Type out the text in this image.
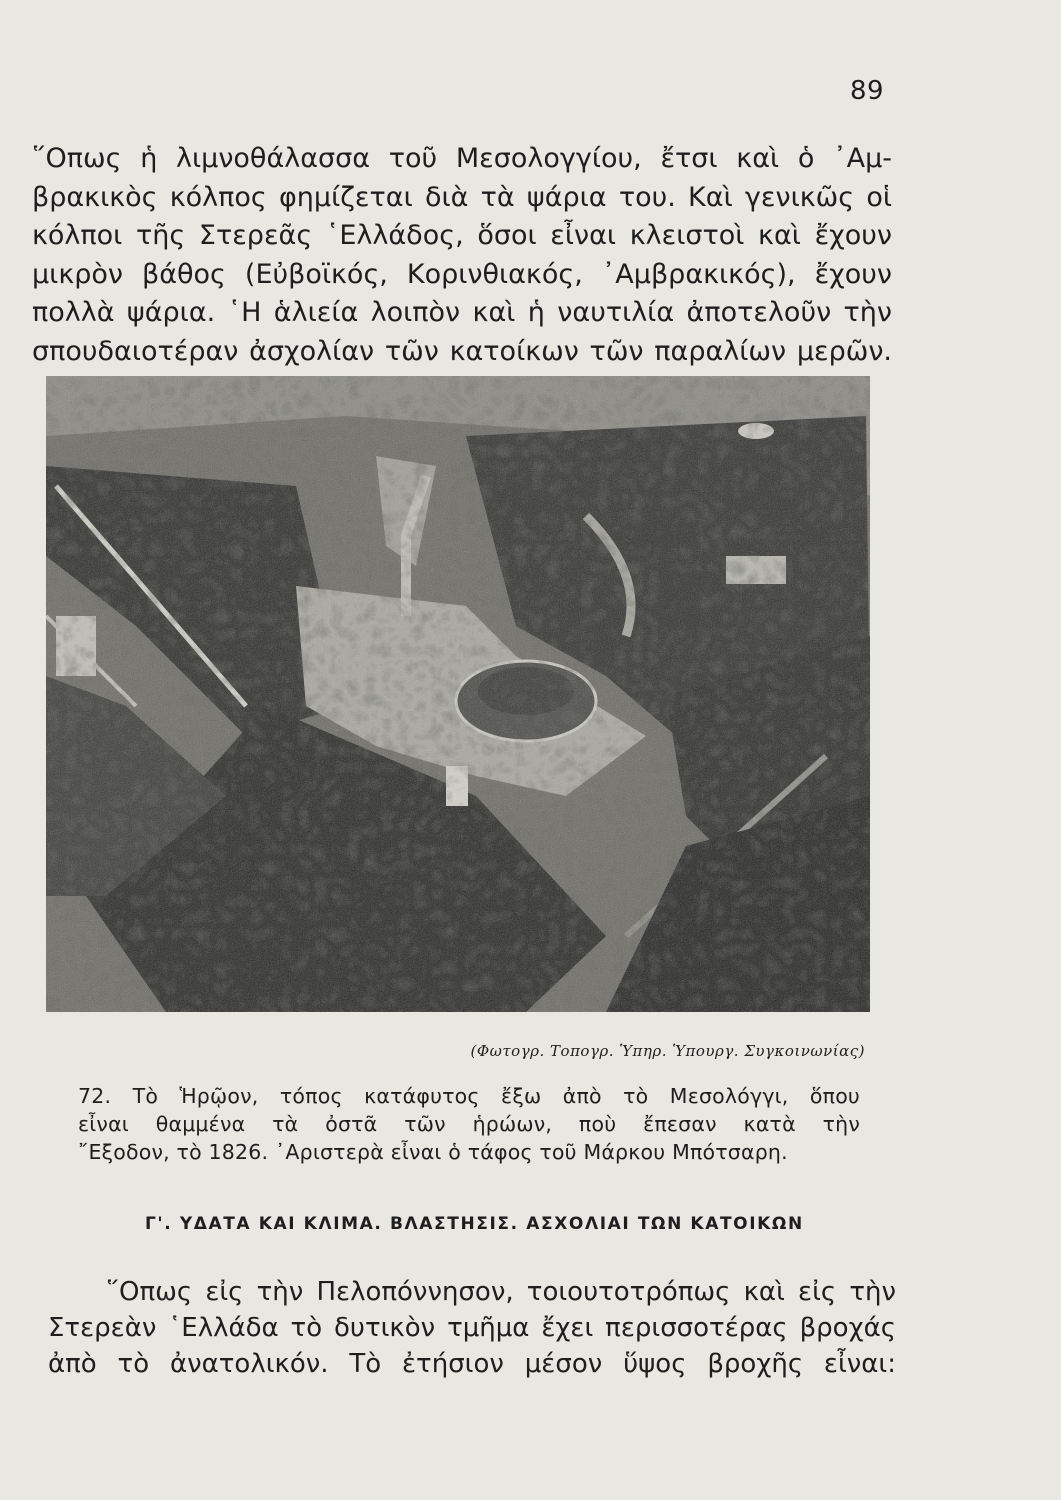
89
῞Οπως ἡ λιμνοθάλασσα τοῦ Μεσολογγίου, ἔτσι καὶ ὁ ᾿Αμ-
βρακικὸς κόλπος φημίζεται διὰ τὰ ψάρια του. Καὶ γενικῶς οἱ
κόλποι τῆς Στερεᾶς ῾Ελλάδος, ὅσοι εἶναι κλειστοὶ καὶ ἔχουν
μικρὸν βάθος (Εὐβοϊκός, Κορινθιακός, ᾿Αμβρακικός), ἔχουν
πολλὰ ψάρια. ῾Η ἁλιεία λοιπὸν καὶ ἡ ναυτιλία ἀποτελοῦν τὴν
σπουδαιοτέραν ἀσχολίαν τῶν κατοίκων τῶν παραλίων μερῶν.
(Φωτογρ. Τοπογρ. Ὑπηρ. Ὑπουργ. Συγκοινωνίας)
72. Τὸ Ἡρῷον, τόπος κατάφυτος ἔξω ἀπὸ τὸ Μεσολόγγι, ὅπου
εἶναι θαμμένα τὰ ὀστᾶ τῶν ἡρώων, ποὺ ἔπεσαν κατὰ τὴν
῎Εξοδον, τὸ 1826. ᾿Αριστερὰ εἶναι ὁ τάφος τοῦ Μάρκου Μπότσαρη.
Γ'. ΥΔΑΤΑ ΚΑΙ ΚΛΙΜΑ. ΒΛΑΣΤΗΣΙΣ. ΑΣΧΟΛΙΑΙ ΤΩΝ ΚΑΤΟΙΚΩΝ
῞Οπως εἰς τὴν Πελοπόννησον, τοιουτοτρόπως καὶ εἰς τὴν
Στερεὰν ῾Ελλάδα τὸ δυτικὸν τμῆμα ἔχει περισσοτέρας βροχάς
ἀπὸ τὸ ἀνατολικόν. Τὸ ἐτήσιον μέσον ὕψος βροχῆς εἶναι:
